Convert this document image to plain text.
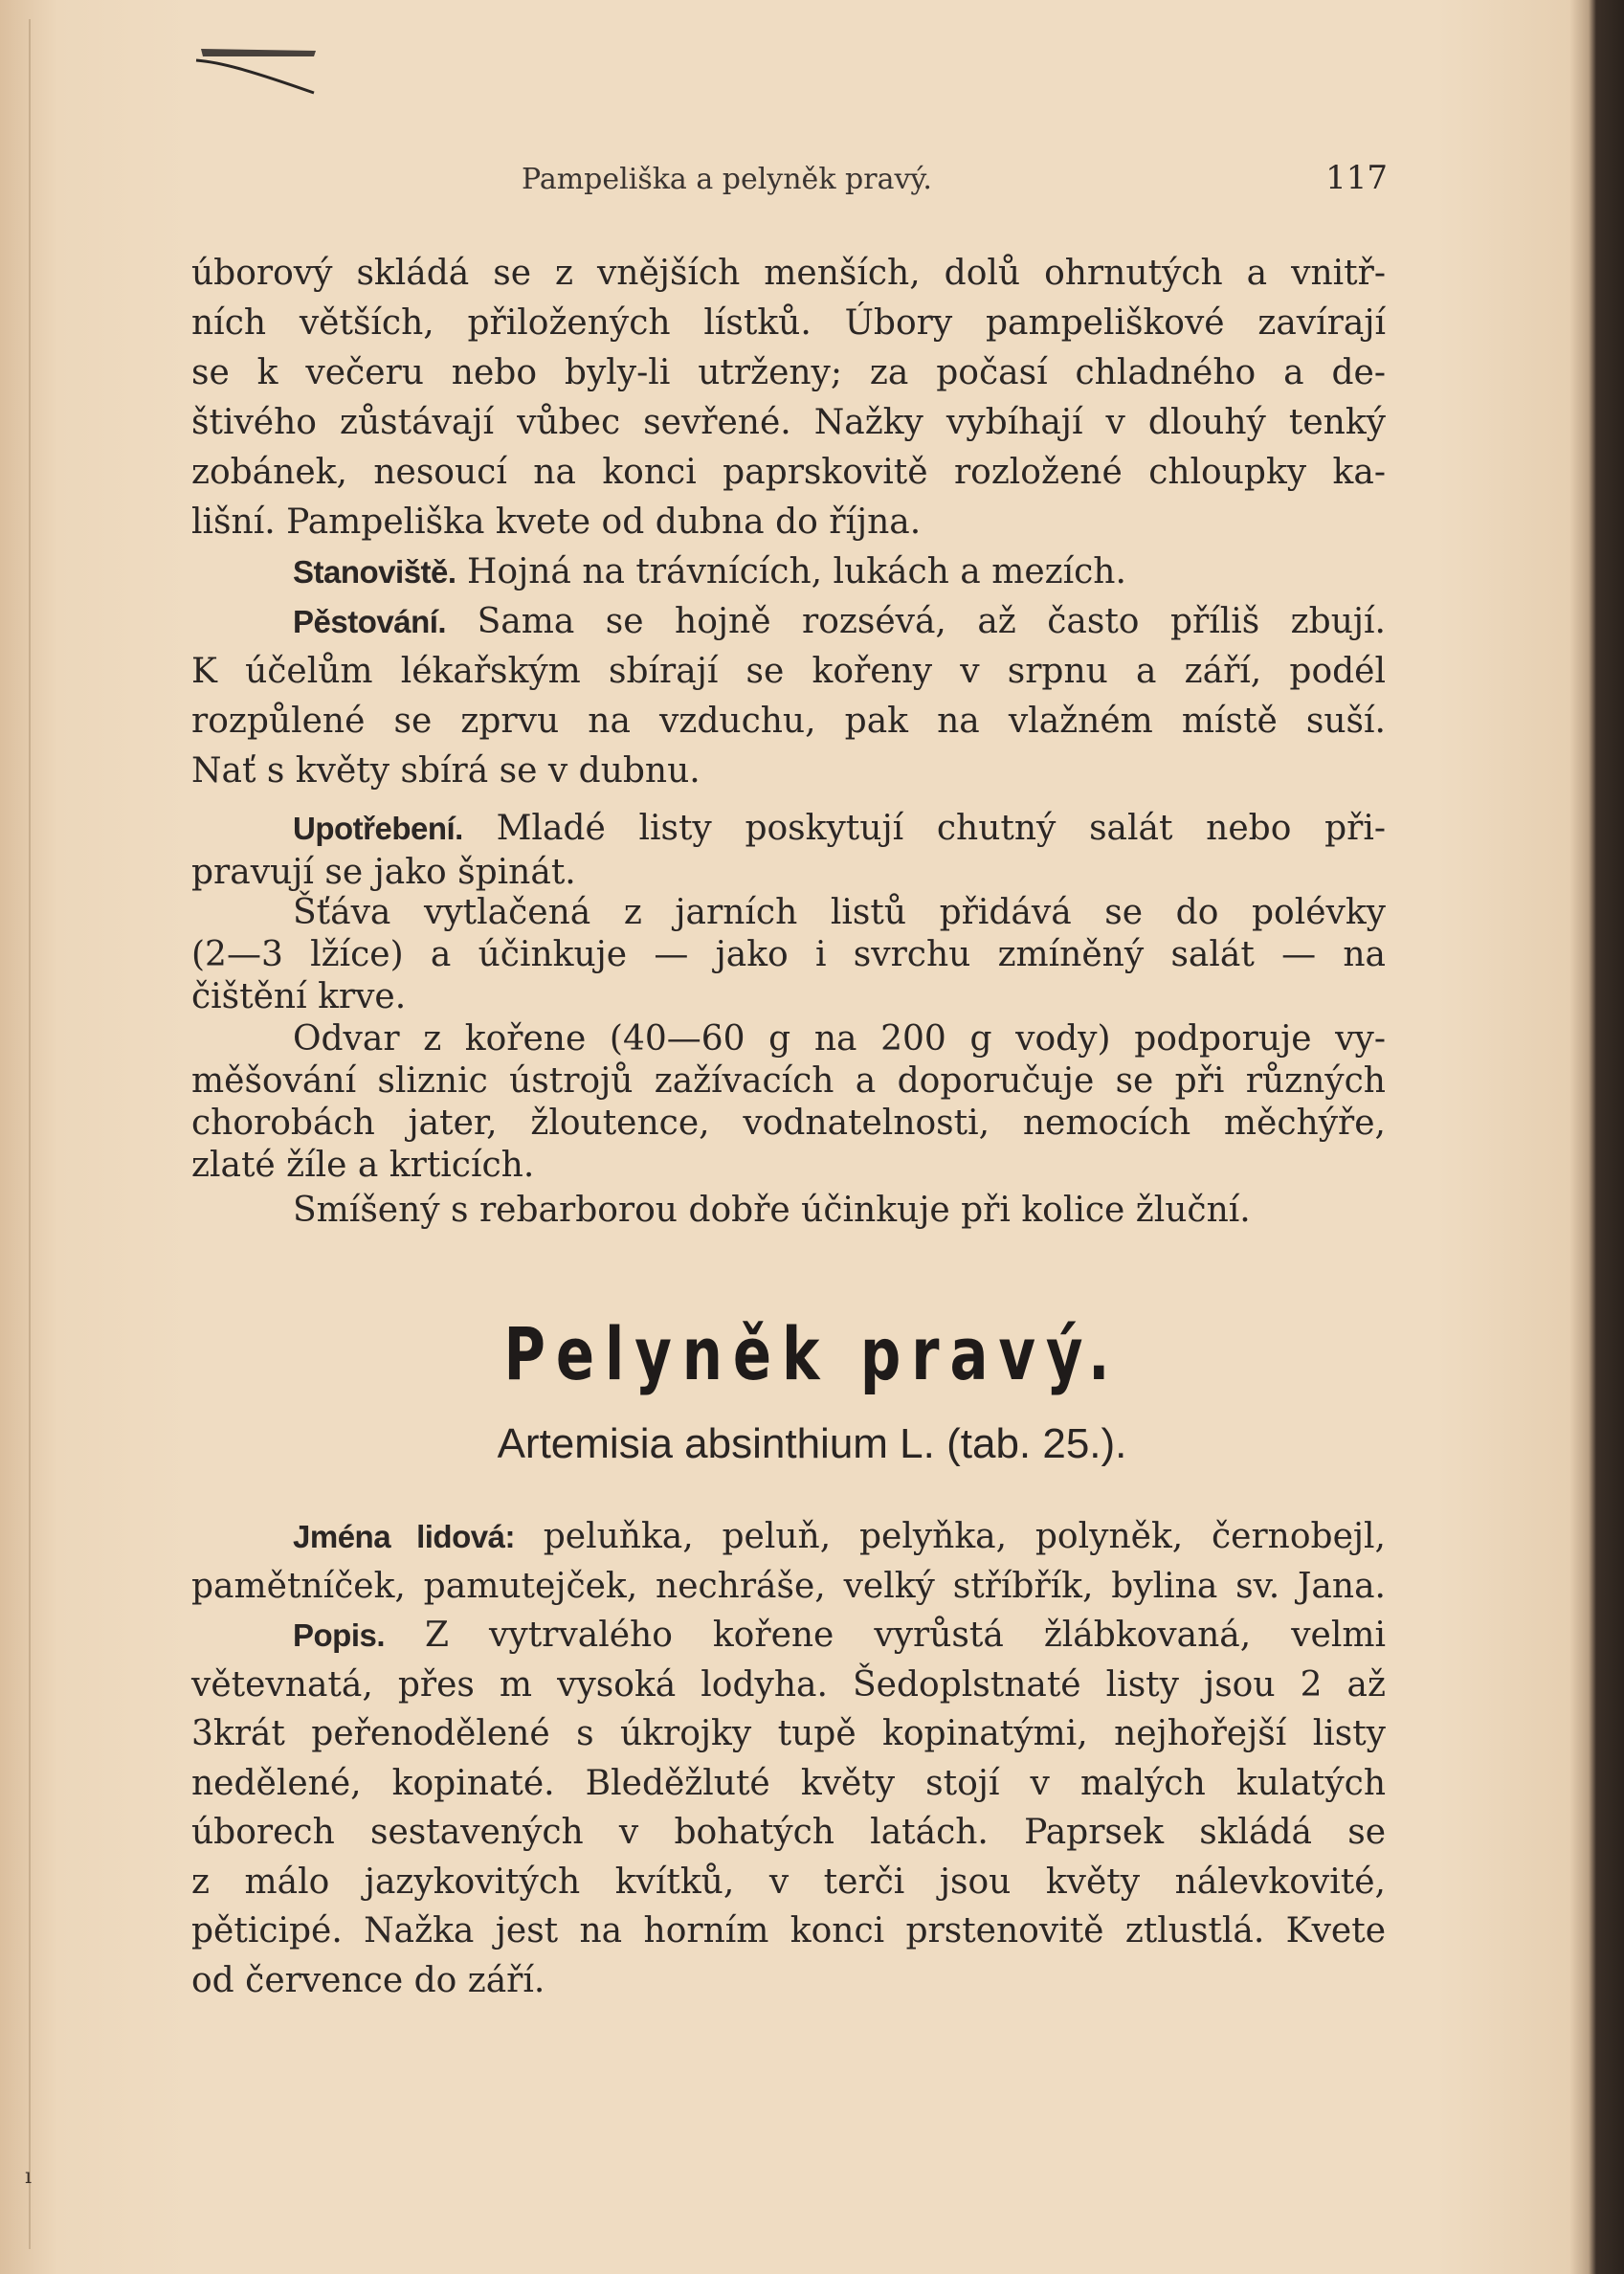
Pampeliška a pelyněk pravý.	117
úborový skládá se z vnějších menších, dolů ohrnutých a vnitř-
ních větších, přiložených lístků. Úbory pampeliškové zavírají
se k večeru nebo byly-li utrženy; za počasí chladného a de-
štivého zůstávají vůbec sevřené. Nažky vybíhají v dlouhý tenký
zobánek, nesoucí na konci paprskovitě rozložené chloupky ka-
lišní. Pampeliška kvete od dubna do října.
Stanoviště. Hojná na trávnících, lukách a mezích.
Pěstování. Sama se hojně rozsévá, až často příliš zbují.
K účelům lékařským sbírají se kořeny v srpnu a září, podél
rozpůlené se zprvu na vzduchu, pak na vlažném místě suší.
Nať s květy sbírá se v dubnu.
Upotřebení. Mladé listy poskytují chutný salát nebo při-
pravují se jako špinát.
Šťáva vytlačená z jarních listů přidává se do polévky
(2—3 lžíce) a účinkuje — jako i svrchu zmíněný salát — na
čištění krve.
Odvar z kořene (40—60 g na 200 g vody) podporuje vy-
měšování sliznic ústrojů zažívacích a doporučuje se při různých
chorobách jater, žloutence, vodnatelnosti, nemocích měchýře,
zlaté žíle a krticích.
Smíšený s rebarborou dobře účinkuje při kolice žluční.
Pelyněk pravý.
Artemisia absinthium L. (tab. 25.).
Jména lidová: peluňka, peluň, pelyňka, polyněk, černobejl,
pamětníček, pamutejček, nechráše, velký stříbřík, bylina sv. Jana.
Popis. Z vytrvalého kořene vyrůstá žlábkovaná, velmi
větevnatá, přes m vysoká lodyha. Šedoplstnaté listy jsou 2 až
3krát peřenodělené s úkrojky tupě kopinatými, nejhořejší listy
nedělené, kopinaté. Bleděžluté květy stojí v malých kulatých
úborech sestavených v bohatých latách. Paprsek skládá se
z málo jazykovitých kvítků, v terči jsou květy nálevkovité,
pěticipé. Nažka jest na horním konci prstenovitě ztlustlá. Kvete
od července do září.
ı
